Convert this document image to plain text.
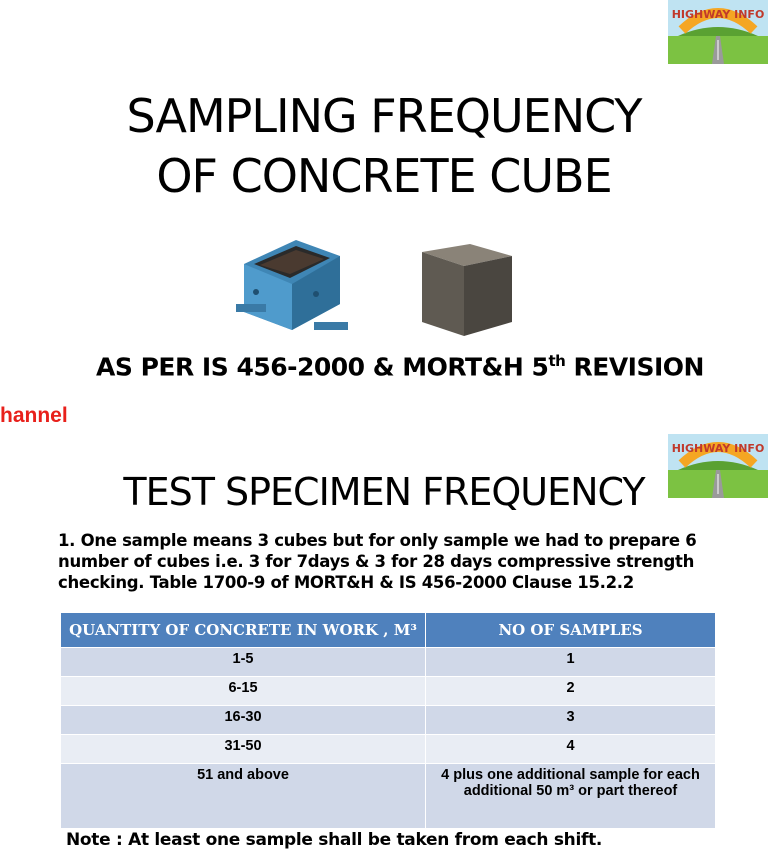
HIGHWAY INFO
SAMPLING FREQUENCY
OF CONCRETE CUBE
AS PER IS 456-2000 & MORT&H 5th REVISION
hannel
HIGHWAY INFO
TEST SPECIMEN FREQUENCY
1. One sample means 3 cubes but for only sample we had to prepare 6 number of cubes i.e. 3 for 7days & 3 for 28 days compressive strength checking. Table 1700-9 of MORT&H & IS 456-2000 Clause 15.2.2
QUANTITY OF CONCRETE IN WORK , M³	NO OF SAMPLES
1-5	1
6-15	2
16-30	3
31-50	4
51 and above	4 plus one additional sample for each additional 50 m³ or part thereof
Note : At least one sample shall be taken from each shift.
